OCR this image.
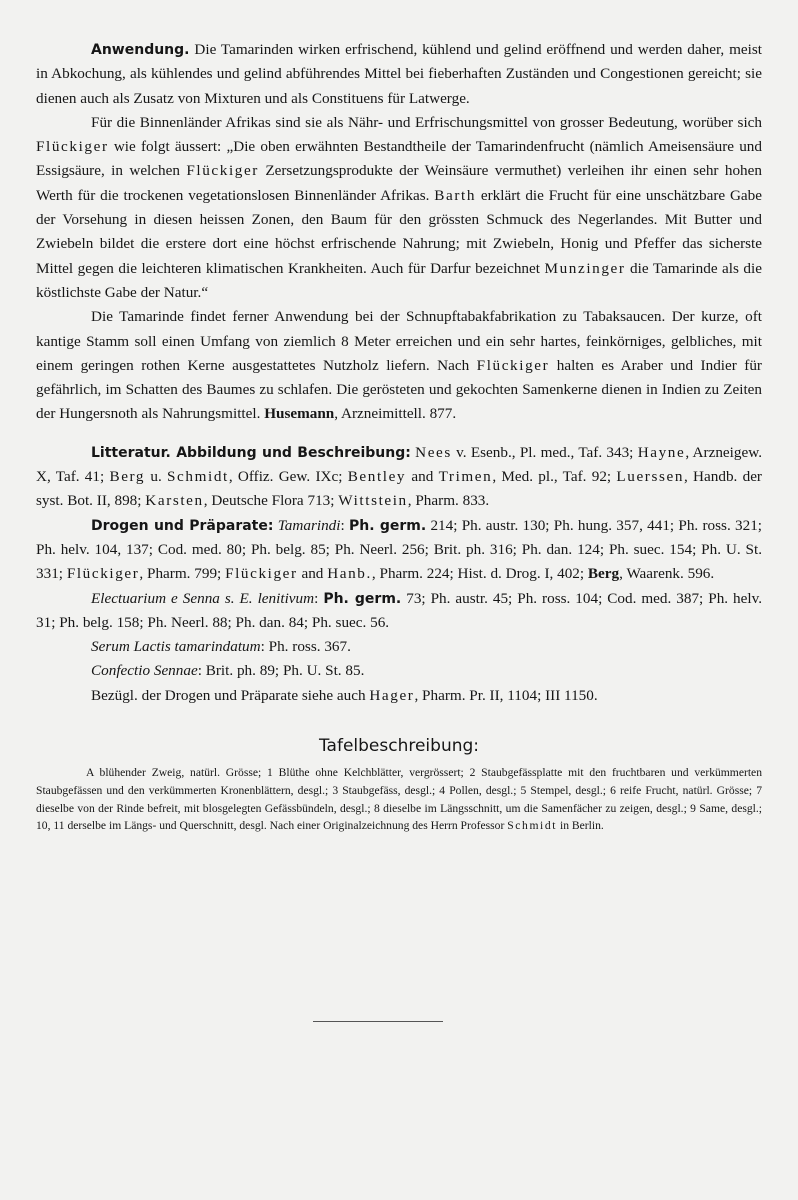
Anwendung. Die Tamarinden wirken erfrischend, kühlend und gelind eröffnend und werden daher, meist in Abkochung, als kühlendes und gelind abführendes Mittel bei fieberhaften Zuständen und Congestionen gereicht; sie dienen auch als Zusatz von Mixturen und als Constituens für Latwerge.

Für die Binnenländer Afrikas sind sie als Nähr- und Erfrischungsmittel von grosser Bedeutung, worüber sich Flückiger wie folgt äussert: „Die oben erwähnten Bestandtheile der Tamarindenfrucht (nämlich Ameisensäure und Essigsäure, in welchen Flückiger Zersetzungsprodukte der Weinsäure vermuthet) verleihen ihr einen sehr hohen Werth für die trockenen vegetationslosen Binnenländer Afrikas. Barth erklärt die Frucht für eine unschätzbare Gabe der Vorsehung in diesen heissen Zonen, den Baum für den grössten Schmuck des Negerlandes. Mit Butter und Zwiebeln bildet die erstere dort eine höchst erfrischende Nahrung; mit Zwiebeln, Honig und Pfeffer das sicherste Mittel gegen die leichteren klimatischen Krankheiten. Auch für Darfur bezeichnet Munzinger die Tamarinde als die köstlichste Gabe der Natur.“

Die Tamarinde findet ferner Anwendung bei der Schnupftabakfabrikation zu Tabaksaucen. Der kurze, oft kantige Stamm soll einen Umfang von ziemlich 8 Meter erreichen und ein sehr hartes, feinkörniges, gelbliches, mit einem geringen rothen Kerne ausgestattetes Nutzholz liefern. Nach Flückiger halten es Araber und Indier für gefährlich, im Schatten des Baumes zu schlafen. Die gerösteten und gekochten Samenkerne dienen in Indien zu Zeiten der Hungersnoth als Nahrungsmittel. Husemann, Arzneimittell. 877.

Litteratur. Abbildung und Beschreibung: Nees v. Esenb., Pl. med., Taf. 343; Hayne, Arzneigew. X, Taf. 41; Berg u. Schmidt, Offiz. Gew. IXc; Bentley and Trimen, Med. pl., Taf. 92; Luerssen, Handb. der syst. Bot. II, 898; Karsten, Deutsche Flora 713; Wittstein, Pharm. 833.

Drogen und Präparate: Tamarindi: Ph. germ. 214; Ph. austr. 130; Ph. hung. 357, 441; Ph. ross. 321; Ph. helv. 104, 137; Cod. med. 80; Ph. belg. 85; Ph. Neerl. 256; Brit. ph. 316; Ph. dan. 124; Ph. suec. 154; Ph. U. St. 331; Flückiger, Pharm. 799; Flückiger and Hanb., Pharm. 224; Hist. d. Drog. I, 402; Berg, Waarenk. 596.

Electuarium e Senna s. E. lenitivum: Ph. germ. 73; Ph. austr. 45; Ph. ross. 104; Cod. med. 387; Ph. helv. 31; Ph. belg. 158; Ph. Neerl. 88; Ph. dan. 84; Ph. suec. 56.

Serum Lactis tamarindatum: Ph. ross. 367.

Confectio Sennae: Brit. ph. 89; Ph. U. St. 85.

Bezügl. der Drogen und Präparate siehe auch Hager, Pharm. Pr. II, 1104; III 1150.

Tafelbeschreibung:

A blühender Zweig, natürl. Grösse; 1 Blüthe ohne Kelchblätter, vergrössert; 2 Staubgefässplatte mit den fruchtbaren und verkümmerten Staubgefässen und den verkümmerten Kronenblättern, desgl.; 3 Staubgefäss, desgl.; 4 Pollen, desgl.; 5 Stempel, desgl.; 6 reife Frucht, natürl. Grösse; 7 dieselbe von der Rinde befreit, mit blosgelegten Gefässbündeln, desgl.; 8 dieselbe im Längsschnitt, um die Samenfächer zu zeigen, desgl.; 9 Same, desgl.; 10, 11 derselbe im Längs- und Querschnitt, desgl. Nach einer Originalzeichnung des Herrn Professor Schmidt in Berlin.
